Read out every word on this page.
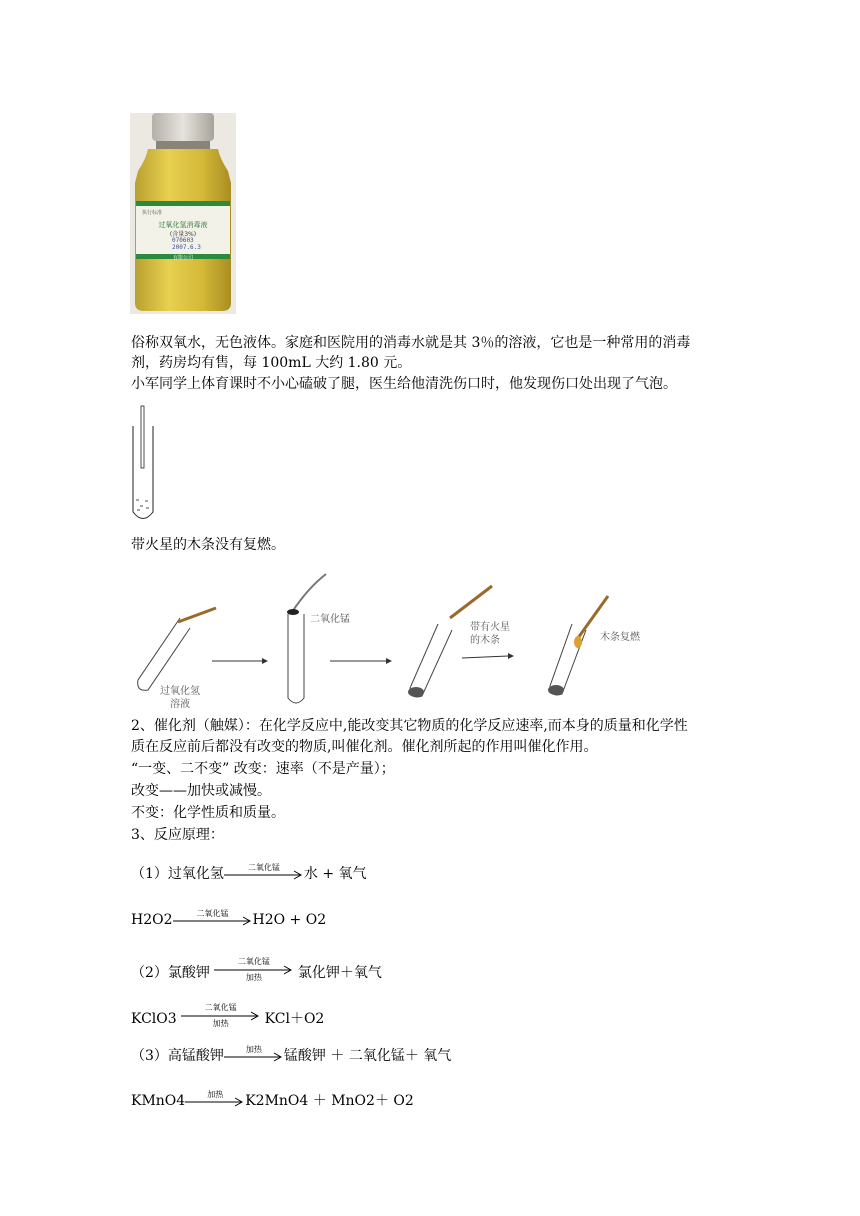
过氧化氢消毒液
(含量3%)
执行标准
070603
2007.6.3
有限公司
俗称双氧水，无色液体。家庭和医院用的消毒水就是其 3％的溶液，它也是一种常用的消毒
剂，药房均有售，每 100mL 大约 1.80 元。
小军同学上体育课时不小心磕破了腿，医生给他清洗伤口时，他发现伤口处出现了气泡。
带火星的木条没有复燃。
过氧化氢
溶液
二氧化锰
带有火星
的木条	木条复燃
2、催化剂（触媒）：在化学反应中,能改变其它物质的化学反应速率,而本身的质量和化学性
质在反应前后都没有改变的物质,叫催化剂。催化剂所起的作用叫催化作用。
“一变、二不变” 改变：速率（不是产量）；
改变——加快或减慢。
不变：化学性质和质量。
3、反应原理：
（1）过氧化氢	二氧化锰	水 + 氧气
H2O2	二氧化锰	H2O + O2
（2）氯酸钾
二氧化锰
加热	氯化钾＋氧气
KClO3
二氧化锰
加热	KCl＋O2
（3）高锰酸钾	加热	锰酸钾 ＋ 二氧化锰＋ 氧气
KMnO4	加热	K2MnO4 ＋ MnO2＋ O2
